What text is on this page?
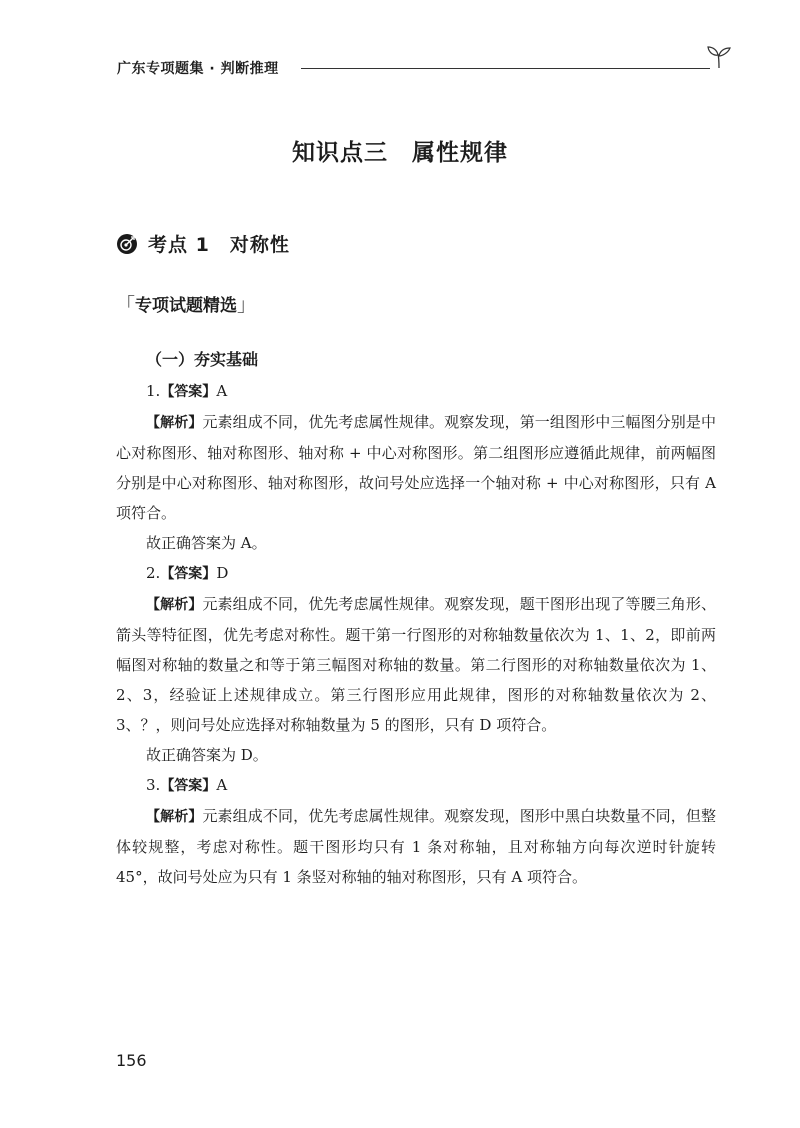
广东专项题集 · 判断推理
知识点三　属性规律
考点 1　对称性
「专项试题精选」
（一）夯实基础

1.【答案】A

【解析】元素组成不同，优先考虑属性规律。观察发现，第一组图形中三幅图分别是中心对称图形、轴对称图形、轴对称 + 中心对称图形。第二组图形应遵循此规律，前两幅图分别是中心对称图形、轴对称图形，故问号处应选择一个轴对称 + 中心对称图形，只有 A 项符合。

故正确答案为 A。

2.【答案】D

【解析】元素组成不同，优先考虑属性规律。观察发现，题干图形出现了等腰三角形、箭头等特征图，优先考虑对称性。题干第一行图形的对称轴数量依次为 1、1、2，即前两幅图对称轴的数量之和等于第三幅图对称轴的数量。第二行图形的对称轴数量依次为 1、2、3，经验证上述规律成立。第三行图形应用此规律，图形的对称轴数量依次为 2、3、？，则问号处应选择对称轴数量为 5 的图形，只有 D 项符合。

故正确答案为 D。

3.【答案】A

【解析】元素组成不同，优先考虑属性规律。观察发现，图形中黑白块数量不同，但整体较规整，考虑对称性。题干图形均只有 1 条对称轴，且对称轴方向每次逆时针旋转 45°，故问号处应为只有 1 条竖对称轴的轴对称图形，只有 A 项符合。

156
